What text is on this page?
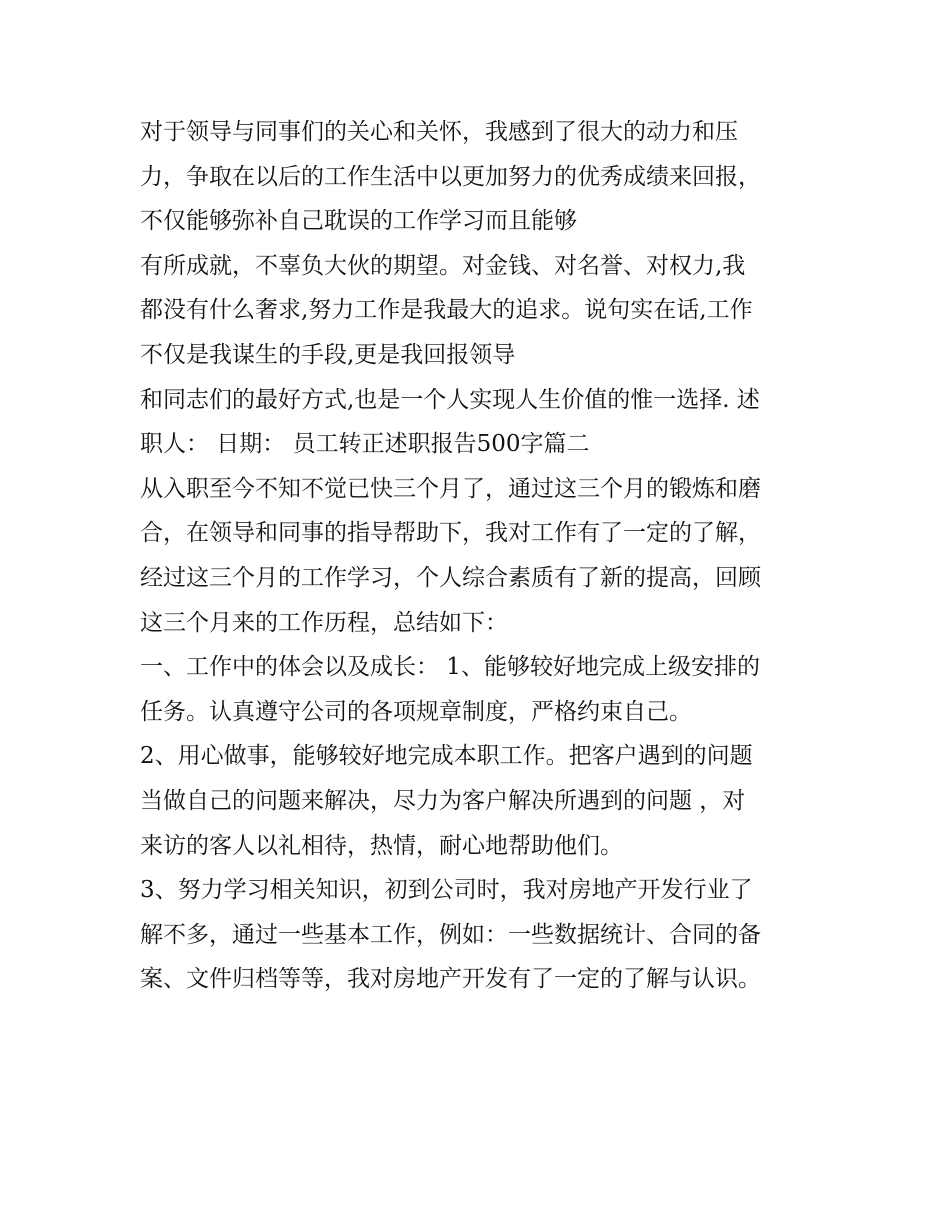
对于领导与同事们的关心和关怀，我感到了很大的动力和压
力，争取在以后的工作生活中以更加努力的优秀成绩来回报，
不仅能够弥补自己耽误的工作学习而且能够
有所成就，不辜负大伙的期望。对金钱、对名誉、对权力,我
都没有什么奢求,努力工作是我最大的追求。说句实在话,工作
不仅是我谋生的手段,更是我回报领导
和同志们的最好方式,也是一个人实现人生价值的惟一选择. 述
职人： 日期： 员工转正述职报告500字篇二
从入职至今不知不觉已快三个月了，通过这三个月的锻炼和磨
合，在领导和同事的指导帮助下，我对工作有了一定的了解，
经过这三个月的工作学习，个人综合素质有了新的提高，回顾
这三个月来的工作历程，总结如下：
一、工作中的体会以及成长： 1、能够较好地完成上级安排的
任务。认真遵守公司的各项规章制度，严格约束自己。
2、用心做事，能够较好地完成本职工作。把客户遇到的问题
当做自己的问题来解决，尽力为客户解决所遇到的问题 ，对
来访的客人以礼相待，热情，耐心地帮助他们。
3、努力学习相关知识，初到公司时，我对房地产开发行业了
解不多，通过一些基本工作，例如：一些数据统计、合同的备
案、文件归档等等，我对房地产开发有了一定的了解与认识。
